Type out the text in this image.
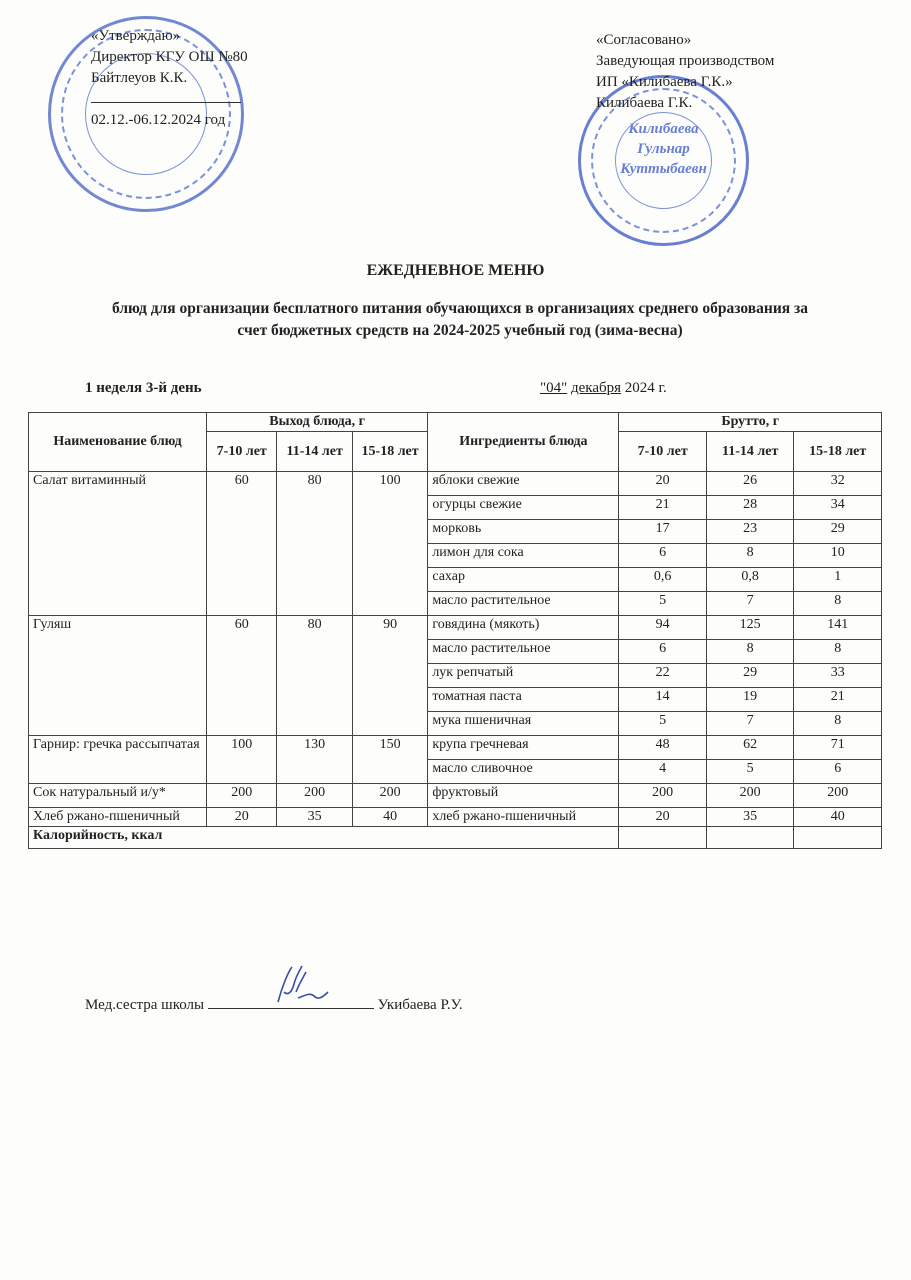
Килибаева
Гульнар
Куттыбаевн
«Утверждаю»
Директор КГУ ОШ №80
Байтлеуов К.К.
02.12.-06.12.2024 год
«Согласовано»
Заведующая производством
ИП «Килибаева Г.К.»
Килибаева Г.К.
ЕЖЕДНЕВНОЕ МЕНЮ
блюд для организации бесплатного питания обучающихся в организациях среднего образования за счет бюджетных средств на 2024-2025 учебный год (зима-весна)
1 неделя 3-й день	"04" декабря 2024 г.
Наименование блюд	Выход блюда, г			Ингредиенты блюда	Брутто, г		
	7-10 лет	11-14 лет	15-18 лет		7-10 лет	11-14 лет	15-18 лет
Салат витаминный	60	80	100	яблоки свежие	20	26	32
				огурцы свежие	21	28	34
				морковь	17	23	29
				лимон для сока	6	8	10
				сахар	0,6	0,8	1
				масло растительное	5	7	8
Гуляш	60	80	90	говядина (мякоть)	94	125	141
				масло растительное	6	8	8
				лук репчатый	22	29	33
				томатная паста	14	19	21
				мука пшеничная	5	7	8
Гарнир: гречка рассыпчатая	100	130	150	крупа гречневая	48	62	71
				масло сливочное	4	5	6
Сок натуральный и/у*	200	200	200	фруктовый	200	200	200
Хлеб ржано-пшеничный	20	35	40	хлеб ржано-пшеничный	20	35	40
Калорийность, ккал							
Мед.сестра школы	Укибаева Р.У.
